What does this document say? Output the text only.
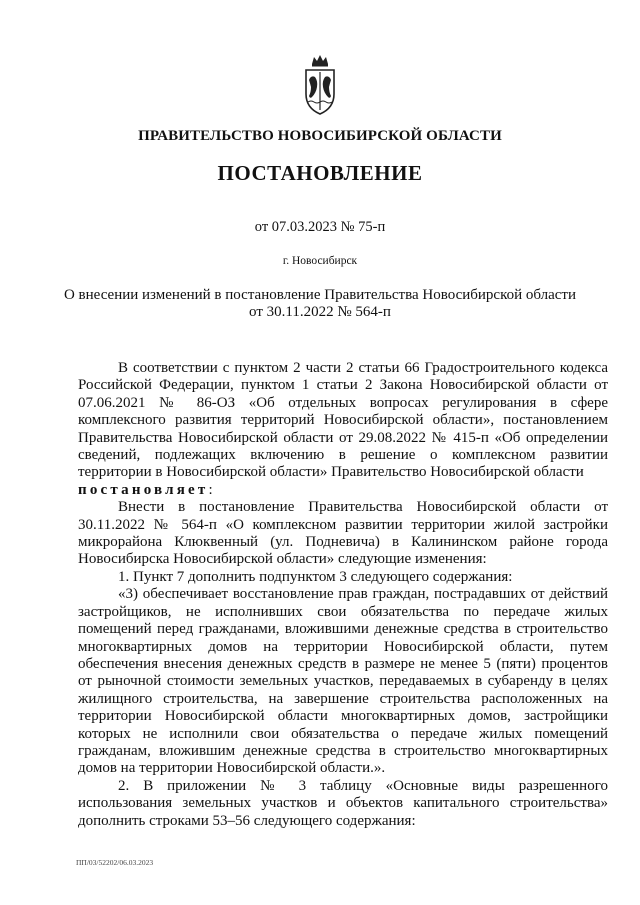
ПРАВИТЕЛЬСТВО НОВОСИБИРСКОЙ ОБЛАСТИ
ПОСТАНОВЛЕНИЕ
от 07.03.2023 № 75-п
г. Новосибирск
О внесении изменений в постановление Правительства Новосибирской области
от 30.11.2022 № 564-п

В соответствии с пунктом 2 части 2 статьи 66 Градостроительного кодекса Российской Федерации, пунктом 1 статьи 2 Закона Новосибирской области от 07.06.2021 № 86-ОЗ «Об отдельных вопросах регулирования в сфере комплексного развития территорий Новосибирской области», постановлением Правительства Новосибирской области от 29.08.2022 № 415-п «Об определении сведений, подлежащих включению в решение о комплексном развитии территории в Новосибирской области» Правительство Новосибирской области

постановляет:

Внести в постановление Правительства Новосибирской области от 30.11.2022 № 564-п «О комплексном развитии территории жилой застройки микрорайона Клюквенный (ул. Подневича) в Калининском районе города Новосибирска Новосибирской области» следующие изменения:

1. Пункт 7 дополнить подпунктом 3 следующего содержания:

«3) обеспечивает восстановление прав граждан, пострадавших от действий застройщиков, не исполнивших свои обязательства по передаче жилых помещений перед гражданами, вложившими денежные средства в строительство многоквартирных домов на территории Новосибирской области, путем обеспечения внесения денежных средств в размере не менее 5 (пяти) процентов от рыночной стоимости земельных участков, передаваемых в субаренду в целях жилищного строительства, на завершение строительства расположенных на территории Новосибирской области многоквартирных домов, застройщики которых не исполнили свои обязательства о передаче жилых помещений гражданам, вложившим денежные средства в строительство многоквартирных домов на территории Новосибирской области.».

2. В приложении № 3 таблицу «Основные виды разрешенного использования земельных участков и объектов капитального строительства» дополнить строками 53–56 следующего содержания:

ПП/03/52202/06.03.2023
